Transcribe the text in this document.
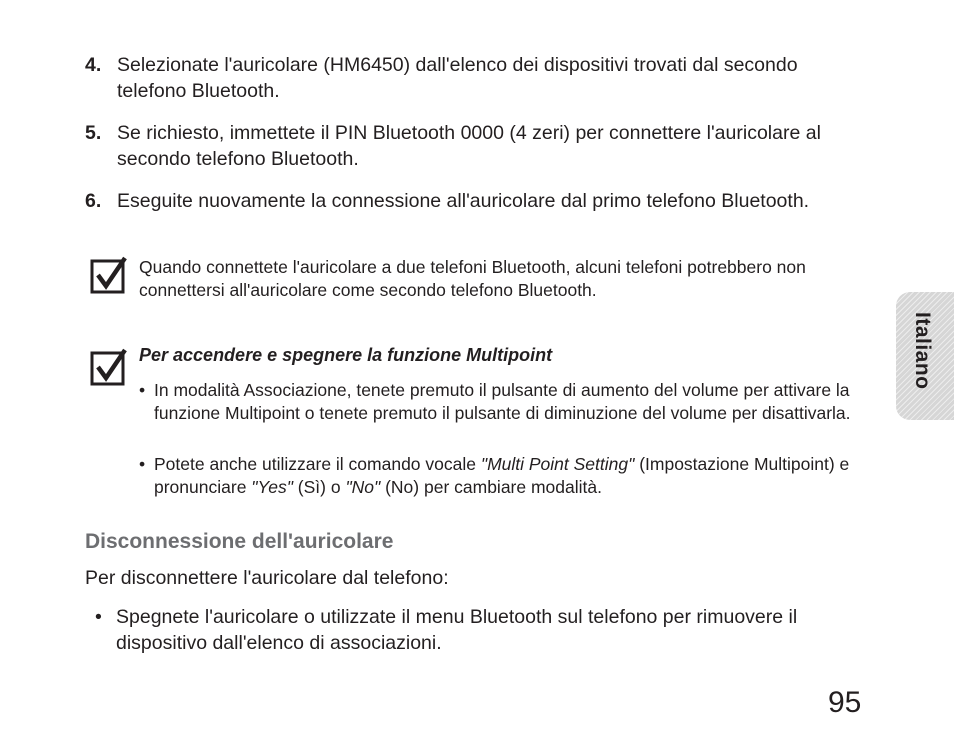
4. Selezionate l'auricolare (HM6450) dall'elenco dei dispositivi trovati dal secondo telefono Bluetooth.
5. Se richiesto, immettete il PIN Bluetooth 0000 (4 zeri) per connettere l'auricolare al secondo telefono Bluetooth.
6. Eseguite nuovamente la connessione all'auricolare dal primo telefono Bluetooth.
Quando connettete l'auricolare a due telefoni Bluetooth, alcuni telefoni potrebbero non connettersi all'auricolare come secondo telefono Bluetooth.
Per accendere e spegnere la funzione Multipoint
• In modalità Associazione, tenete premuto il pulsante di aumento del volume per attivare la funzione Multipoint o tenete premuto il pulsante di diminuzione del volume per disattivarla.
• Potete anche utilizzare il comando vocale "Multi Point Setting" (Impostazione Multipoint) e pronunciare "Yes" (Sì) o "No" (No) per cambiare modalità.
Disconnessione dell'auricolare
Per disconnettere l'auricolare dal telefono:
• Spegnete l'auricolare o utilizzate il menu Bluetooth sul telefono per rimuovere il dispositivo dall'elenco di associazioni.
Italiano
95
